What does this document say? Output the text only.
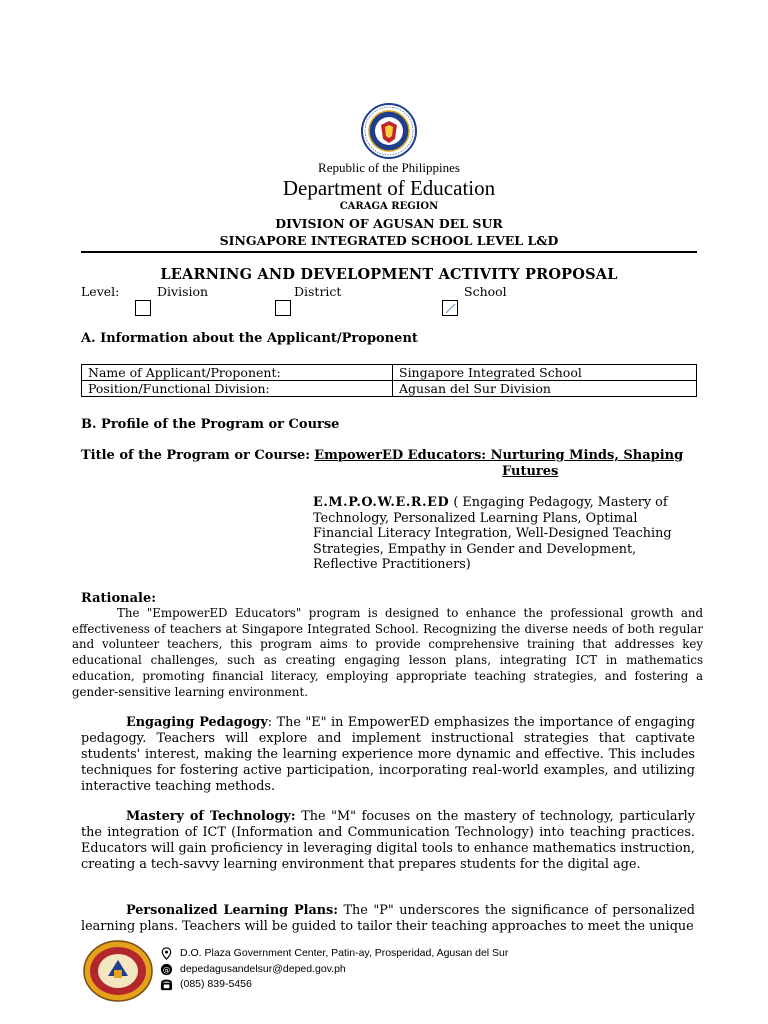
Republic of the Philippines
Department of Education
CARAGA REGION
DIVISION OF AGUSAN DEL SUR
SINGAPORE INTEGRATED SCHOOL LEVEL L&D
LEARNING AND DEVELOPMENT ACTIVITY PROPOSAL
Level:	Division	District	School
A. Information about the Applicant/Proponent
Name of Applicant/Proponent:	Singapore Integrated School
Position/Functional Division:	Agusan del Sur Division
B. Profile of the Program or Course
Title of the Program or Course: EmpowerED Educators: Nurturing Minds, Shaping
Futures
E.M.P.O.W.E.R.ED ( Engaging Pedagogy, Mastery of Technology, Personalized Learning Plans, Optimal Financial Literacy Integration, Well-Designed Teaching Strategies, Empathy in Gender and Development, Reflective Practitioners)
Rationale:
The "EmpowerED Educators" program is designed to enhance the professional growth and effectiveness of teachers at Singapore Integrated School. Recognizing the diverse needs of both regular and volunteer teachers, this program aims to provide comprehensive training that addresses key educational challenges, such as creating engaging lesson plans, integrating ICT in mathematics education, promoting financial literacy, employing appropriate teaching strategies, and fostering a gender-sensitive learning environment.
Engaging Pedagogy: The "E" in EmpowerED emphasizes the importance of engaging pedagogy. Teachers will explore and implement instructional strategies that captivate students' interest, making the learning experience more dynamic and effective. This includes techniques for fostering active participation, incorporating real-world examples, and utilizing interactive teaching methods.
Mastery of Technology: The "M" focuses on the mastery of technology, particularly the integration of ICT (Information and Communication Technology) into teaching practices. Educators will gain proficiency in leveraging digital tools to enhance mathematics instruction, creating a tech-savvy learning environment that prepares students for the digital age.
Personalized Learning Plans: The "P" underscores the significance of personalized learning plans. Teachers will be guided to tailor their teaching approaches to meet the unique
D.O. Plaza Government Center, Patin-ay, Prosperidad, Agusan del Sur
@ depedagusandelsur@deped.gov.ph
(085) 839-5456
